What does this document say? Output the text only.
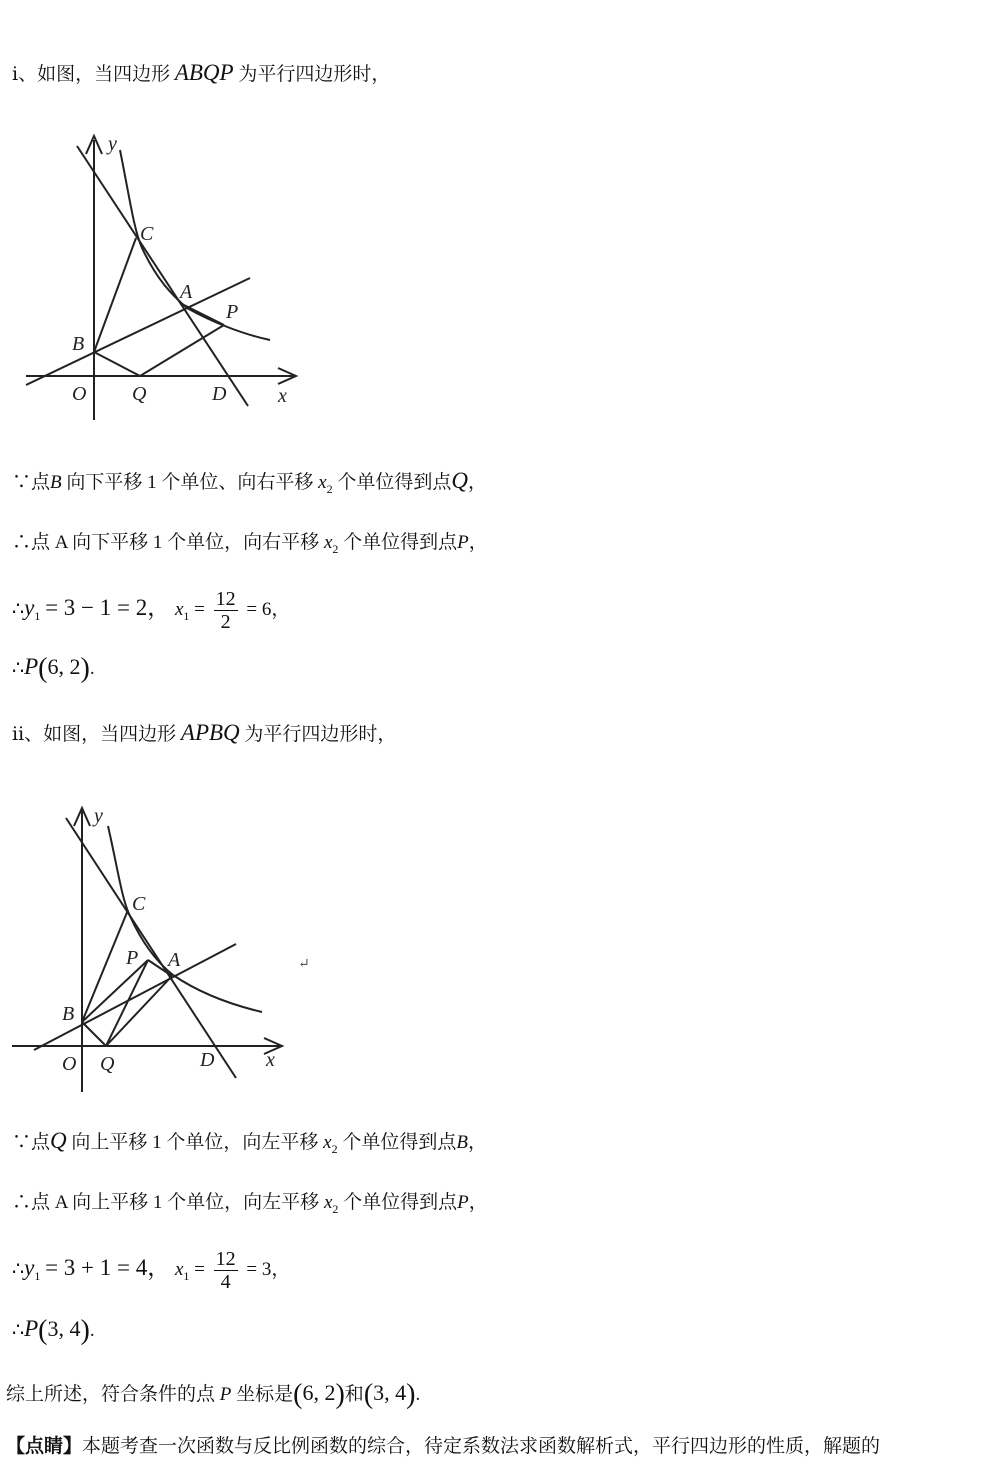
ⅰ、如图，当四边形 ABQP 为平行四边形时，
y
x
O
B
C
A
P
Q	D
∵点B 向下平移 1 个单位、向右平移 $x_2$ 个单位得到点Q，
∴点 A 向下平移 1 个单位，向右平移 $x_2$ 个单位得到点P，
$\therefore y_1 = 3 - 1 = 2$， $x_1 = \frac{12}{2} = 6$，
∴P(6, 2).
ⅱ、如图，当四边形 APBQ 为平行四边形时，
y
x
O
B
C
A
P
Q	D
↵
∵点Q 向上平移 1 个单位，向左平移 $x_2$ 个单位得到点B，
∴点 A 向上平移 1 个单位，向左平移 $x_2$ 个单位得到点P，
$\therefore y_1 = 3 + 1 = 4$， $x_1 = \frac{12}{4} = 3$，
∴P(3, 4).
综上所述，符合条件的点 P 坐标是(6, 2)和(3, 4).
【点睛】本题考查一次函数与反比例函数的综合，待定系数法求函数解析式，平行四边形的性质，解题的
